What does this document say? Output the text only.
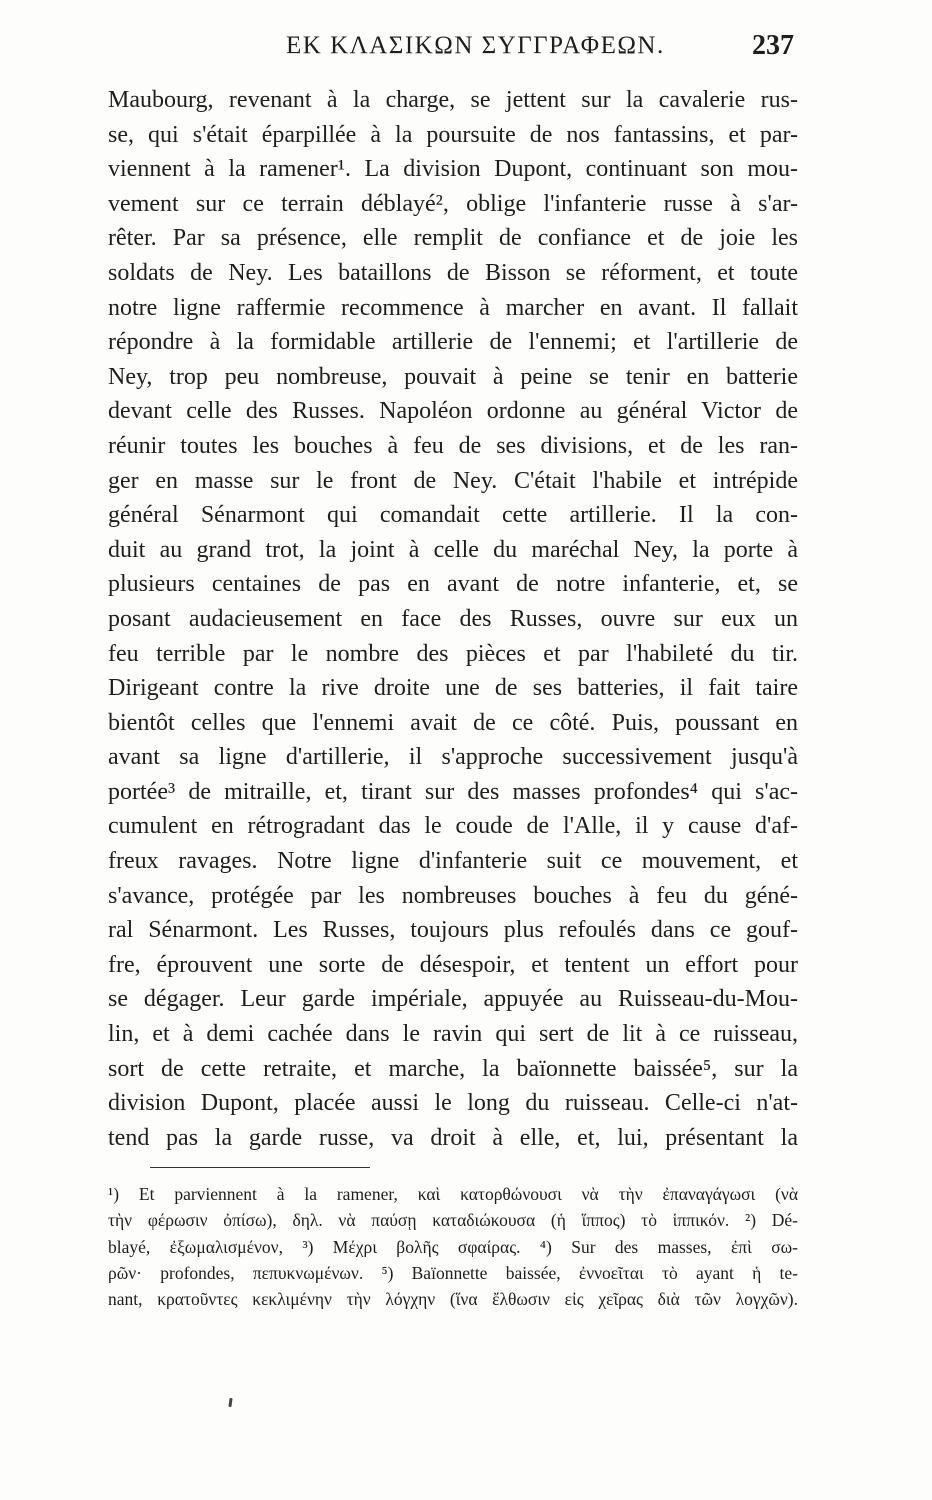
ΕΚ ΚΛΑΣΙΚΩΝ ΣΥΓΓΡΑΦΕΩΝ.	237
Maubourg, revenant à la charge, se jettent sur la cavalerie rus-
se, qui s'était éparpillée à la poursuite de nos fantassins, et par-
viennent à la ramener¹. La division Dupont, continuant son mou-
vement sur ce terrain déblayé², oblige l'infanterie russe à s'ar-
rêter. Par sa présence, elle remplit de confiance et de joie les
soldats de Ney. Les bataillons de Bisson se réforment, et toute
notre ligne raffermie recommence à marcher en avant. Il fallait
répondre à la formidable artillerie de l'ennemi; et l'artillerie de
Ney, trop peu nombreuse, pouvait à peine se tenir en batterie
devant celle des Russes. Napoléon ordonne au général Victor de
réunir toutes les bouches à feu de ses divisions, et de les ran-
ger en masse sur le front de Ney. C'était l'habile et intrépide
général Sénarmont qui comandait cette artillerie. Il la con-
duit au grand trot, la joint à celle du maréchal Ney, la porte à
plusieurs centaines de pas en avant de notre infanterie, et, se
posant audacieusement en face des Russes, ouvre sur eux un
feu terrible par le nombre des pièces et par l'habileté du tir.
Dirigeant contre la rive droite une de ses batteries, il fait taire
bientôt celles que l'ennemi avait de ce côté. Puis, poussant en
avant sa ligne d'artillerie, il s'approche successivement jusqu'à
portée³ de mitraille, et, tirant sur des masses profondes⁴ qui s'ac-
cumulent en rétrogradant das le coude de l'Alle, il y cause d'af-
freux ravages. Notre ligne d'infanterie suit ce mouvement, et
s'avance, protégée par les nombreuses bouches à feu du géné-
ral Sénarmont. Les Russes, toujours plus refoulés dans ce gouf-
fre, éprouvent une sorte de désespoir, et tentent un effort pour
se dégager. Leur garde impériale, appuyée au Ruisseau-du-Mou-
lin, et à demi cachée dans le ravin qui sert de lit à ce ruisseau,
sort de cette retraite, et marche, la baïonnette baissée⁵, sur la
division Dupont, placée aussi le long du ruisseau. Celle-ci n'at-
tend pas la garde russe, va droit à elle, et, lui, présentant la
¹) Et parviennent à la ramener, καὶ κατορθώνουσι νὰ τὴν ἐπαναγάγωσι (νὰ
τὴν φέρωσιν ὀπίσω), δηλ. νὰ παύσῃ καταδιώκουσα (ἡ ἵππος) τὸ ἱππικόν. ²) Dé-
blayé, ἐξωμαλισμένον, ³) Μέχρι βολῆς σφαίρας. ⁴) Sur des masses, ἐπὶ σω-
ρῶν· profondes, πεπυκνωμένων. ⁵) Baïonnette baissée, ἐννοεῖται τὸ ayant ἡ te-
nant, κρατοῦντες κεκλιμένην τὴν λόγχην (ἵνα ἔλθωσιν εἰς χεῖρας διὰ τῶν λογχῶν).
